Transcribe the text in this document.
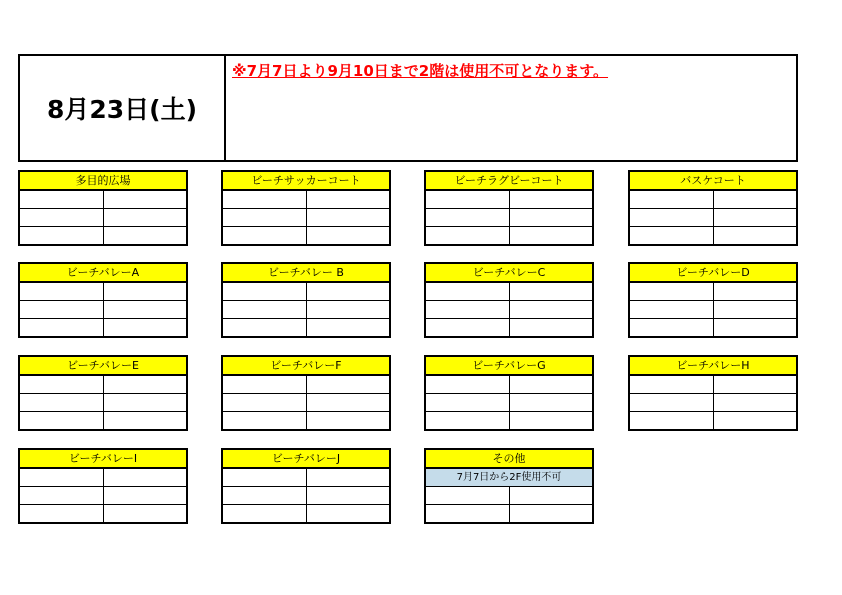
8月23日(土)
※7月7日より9月10日まで2階は使用不可となります。
多目的広場	ビーチサッカーコート	ビーチラグビーコート	バスケコート
ビーチバレーA	ビーチバレー B	ビーチバレーC	ビーチバレーD
ビーチバレーE	ビーチバレーF	ビーチバレーG	ビーチバレーH
ビーチバレーI	ビーチバレーJ	その他
7月7日から2F使用不可
